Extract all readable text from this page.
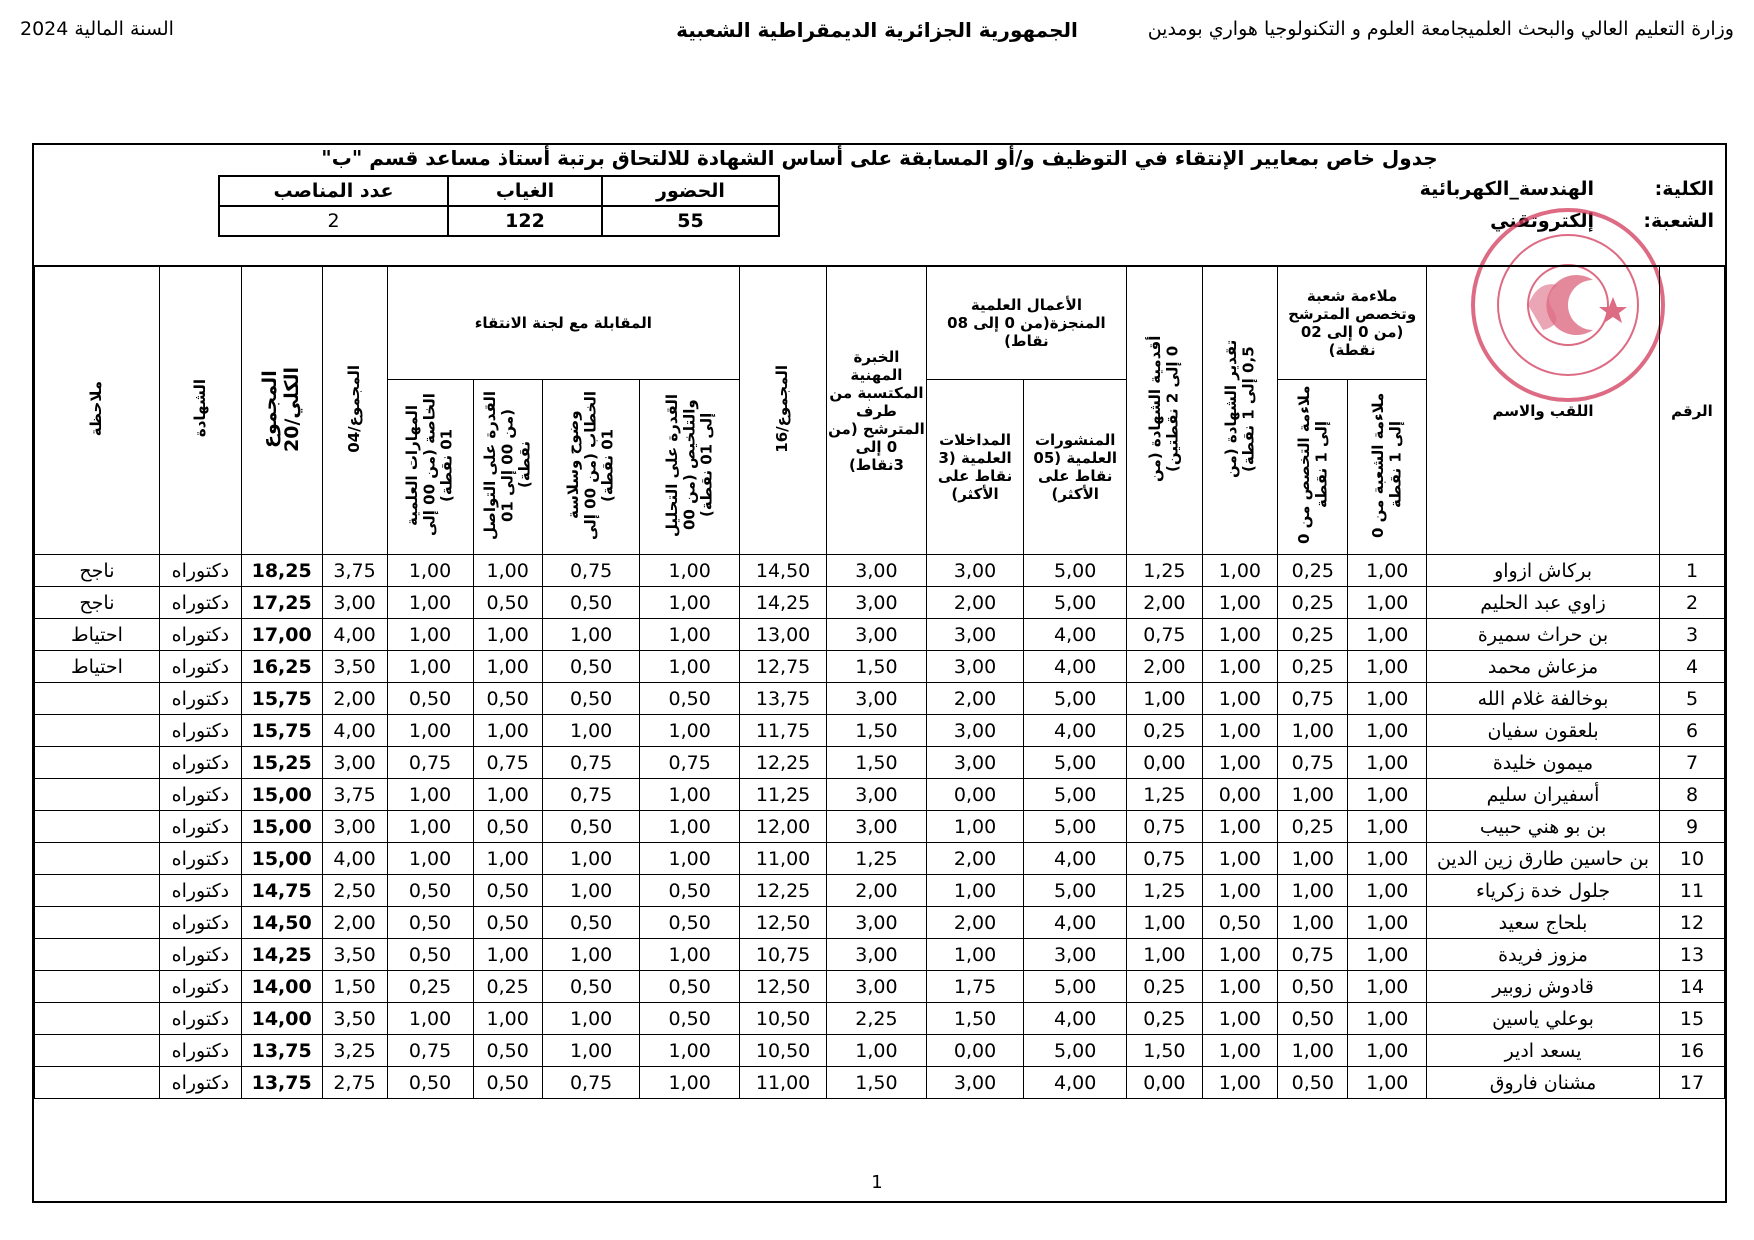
وزارة التعليم العالي والبحث العلميجامعة العلوم و التكنولوجيا هواري بومدين
الجمهورية الجزائرية الديمقراطية الشعبية
السنة المالية 2024
جدول خاص بمعايير الإنتقاء في التوظيف و/أو المسابقة على أساس الشهادة للالتحاق برتبة أستاذ مساعد قسم "ب"
الكلية:
الهندسة_الكهربائية
الشعبة:
إلكتروتقني
الحضور	الغياب	عدد المناصب
55	122	2
الرقم	اللقب والاسم	ملاءمة شعبة وتخصص المترشح (من 0 إلى 02 نقطة)		تقدير الشهادة (من 0,5 إلى 1 نقطة)	أقدمية الشهادة (من 0 إلى 2 نقطتين)	الأعمال العلمية المنجزة(من 0 إلى 08 نقاط)		الخبرة المهنية المكتسبة من طرف المترشح (من 0 إلى 3نقاط)	المجموع/16	المقابلة مع لجنة الانتقاء				المجموع/04	المجموع الكلي/20	الشهادة	ملاحظة
		ملاءمة الشعبة من 0 إلى 1 نقطة	ملاءمة التخصص من 0 إلى 1 نقطة			المنشورات العلمية (05 نقاط على الأكثر)	المداخلات العلمية (3 نقاط على الأكثر)			القدرة على التحليل والتلخيص (من 00 إلى 01 نقطة)	وضوح وسلاسة الخطاب (من 00 إلى 01 نقطة)	القدرة على التواصل (من 00 إلى 01 نقطة)	المهارات العلمية الخاصة (من 00 إلى 01 نقطة)				
1	بركاش ازواو	1,00	0,25	1,00	1,25	5,00	3,00	3,00	14,50	1,00	0,75	1,00	1,00	3,75	18,25	دكتوراه	ناجح
2	زاوي عبد الحليم	1,00	0,25	1,00	2,00	5,00	2,00	3,00	14,25	1,00	0,50	0,50	1,00	3,00	17,25	دكتوراه	ناجح
3	بن حراث سميرة	1,00	0,25	1,00	0,75	4,00	3,00	3,00	13,00	1,00	1,00	1,00	1,00	4,00	17,00	دكتوراه	احتياط
4	مزعاش محمد	1,00	0,25	1,00	2,00	4,00	3,00	1,50	12,75	1,00	0,50	1,00	1,00	3,50	16,25	دكتوراه	احتياط
5	بوخالفة غلام الله	1,00	0,75	1,00	1,00	5,00	2,00	3,00	13,75	0,50	0,50	0,50	0,50	2,00	15,75	دكتوراه	
6	بلعقون سفيان	1,00	1,00	1,00	0,25	4,00	3,00	1,50	11,75	1,00	1,00	1,00	1,00	4,00	15,75	دكتوراه	
7	ميمون خليدة	1,00	0,75	1,00	0,00	5,00	3,00	1,50	12,25	0,75	0,75	0,75	0,75	3,00	15,25	دكتوراه	
8	أسفيران سليم	1,00	1,00	0,00	1,25	5,00	0,00	3,00	11,25	1,00	0,75	1,00	1,00	3,75	15,00	دكتوراه	
9	بن بو هني حبيب	1,00	0,25	1,00	0,75	5,00	1,00	3,00	12,00	1,00	0,50	0,50	1,00	3,00	15,00	دكتوراه	
10	بن حاسين طارق زين الدين	1,00	1,00	1,00	0,75	4,00	2,00	1,25	11,00	1,00	1,00	1,00	1,00	4,00	15,00	دكتوراه	
11	جلول خدة زكرياء	1,00	1,00	1,00	1,25	5,00	1,00	2,00	12,25	0,50	1,00	0,50	0,50	2,50	14,75	دكتوراه	
12	بلحاج سعيد	1,00	1,00	0,50	1,00	4,00	2,00	3,00	12,50	0,50	0,50	0,50	0,50	2,00	14,50	دكتوراه	
13	مزوز فريدة	1,00	0,75	1,00	1,00	3,00	1,00	3,00	10,75	1,00	1,00	1,00	0,50	3,50	14,25	دكتوراه	
14	قادوش زوبير	1,00	0,50	1,00	0,25	5,00	1,75	3,00	12,50	0,50	0,50	0,25	0,25	1,50	14,00	دكتوراه	
15	بوعلي ياسين	1,00	0,50	1,00	0,25	4,00	1,50	2,25	10,50	0,50	1,00	1,00	1,00	3,50	14,00	دكتوراه	
16	يسعد ادير	1,00	1,00	1,00	1,50	5,00	0,00	1,00	10,50	1,00	1,00	0,50	0,75	3,25	13,75	دكتوراه	
17	مشنان فاروق	1,00	0,50	1,00	0,00	4,00	3,00	1,50	11,00	1,00	0,75	0,50	0,50	2,75	13,75	دكتوراه	
1
